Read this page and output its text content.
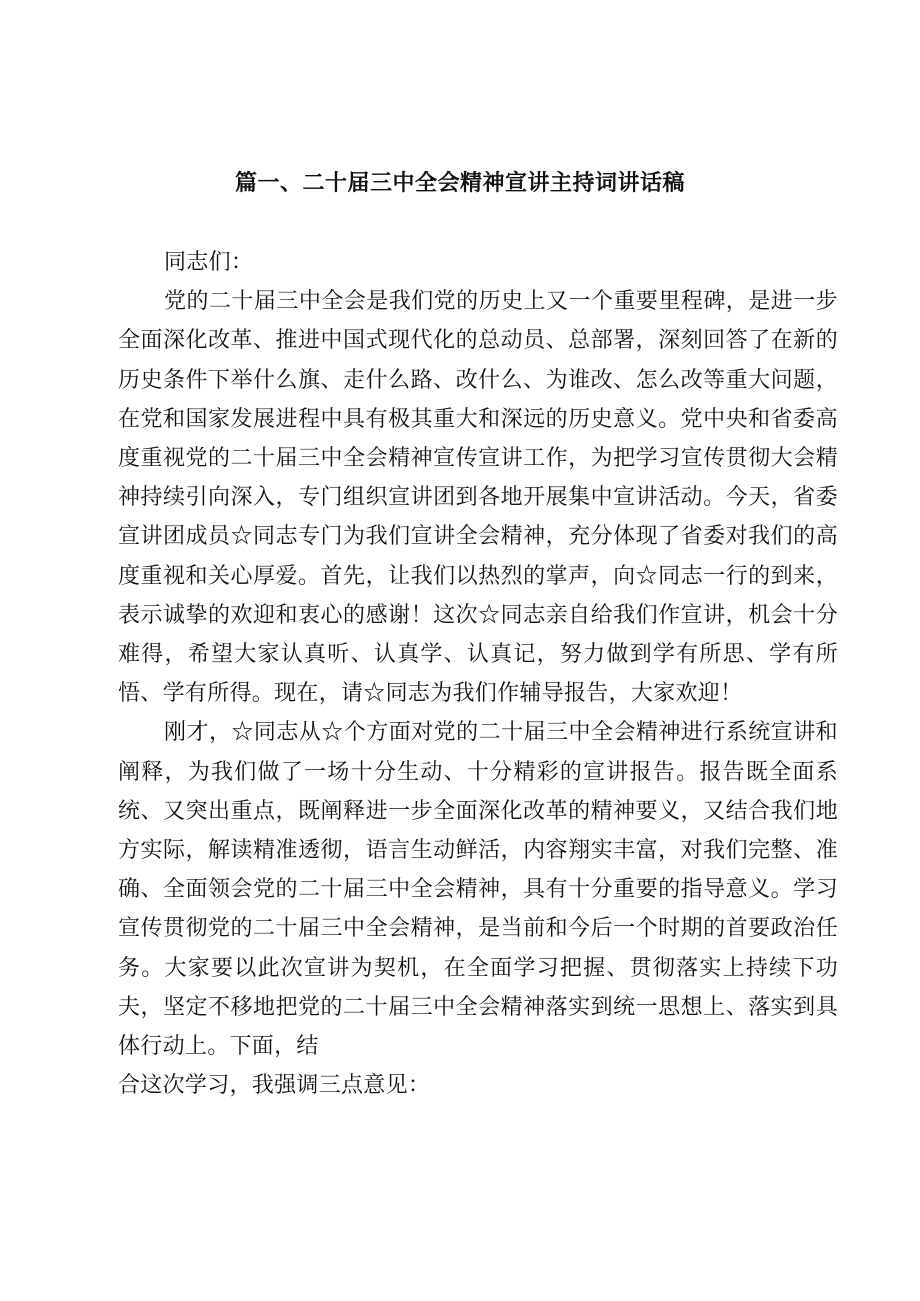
篇一、二十届三中全会精神宣讲主持词讲话稿

同志们：

党的二十届三中全会是我们党的历史上又一个重要里程碑，是进一步全面深化改革、推进中国式现代化的总动员、总部署，深刻回答了在新的历史条件下举什么旗、走什么路、改什么、为谁改、怎么改等重大问题，在党和国家发展进程中具有极其重大和深远的历史意义。党中央和省委高度重视党的二十届三中全会精神宣传宣讲工作，为把学习宣传贯彻大会精神持续引向深入，专门组织宣讲团到各地开展集中宣讲活动。今天，省委宣讲团成员☆同志专门为我们宣讲全会精神，充分体现了省委对我们的高度重视和关心厚爱。首先，让我们以热烈的掌声，向☆同志一行的到来，表示诚挚的欢迎和衷心的感谢！这次☆同志亲自给我们作宣讲，机会十分难得，希望大家认真听、认真学、认真记，努力做到学有所思、学有所悟、学有所得。现在，请☆同志为我们作辅导报告，大家欢迎！

刚才，☆同志从☆个方面对党的二十届三中全会精神进行系统宣讲和阐释，为我们做了一场十分生动、十分精彩的宣讲报告。报告既全面系统、又突出重点，既阐释进一步全面深化改革的精神要义，又结合我们地方实际，解读精准透彻，语言生动鲜活，内容翔实丰富，对我们完整、准确、全面领会党的二十届三中全会精神，具有十分重要的指导意义。学习宣传贯彻党的二十届三中全会精神，是当前和今后一个时期的首要政治任务。大家要以此次宣讲为契机，在全面学习把握、贯彻落实上持续下功夫，坚定不移地把党的二十届三中全会精神落实到统一思想上、落实到具体行动上。下面，结

合这次学习，我强调三点意见：
